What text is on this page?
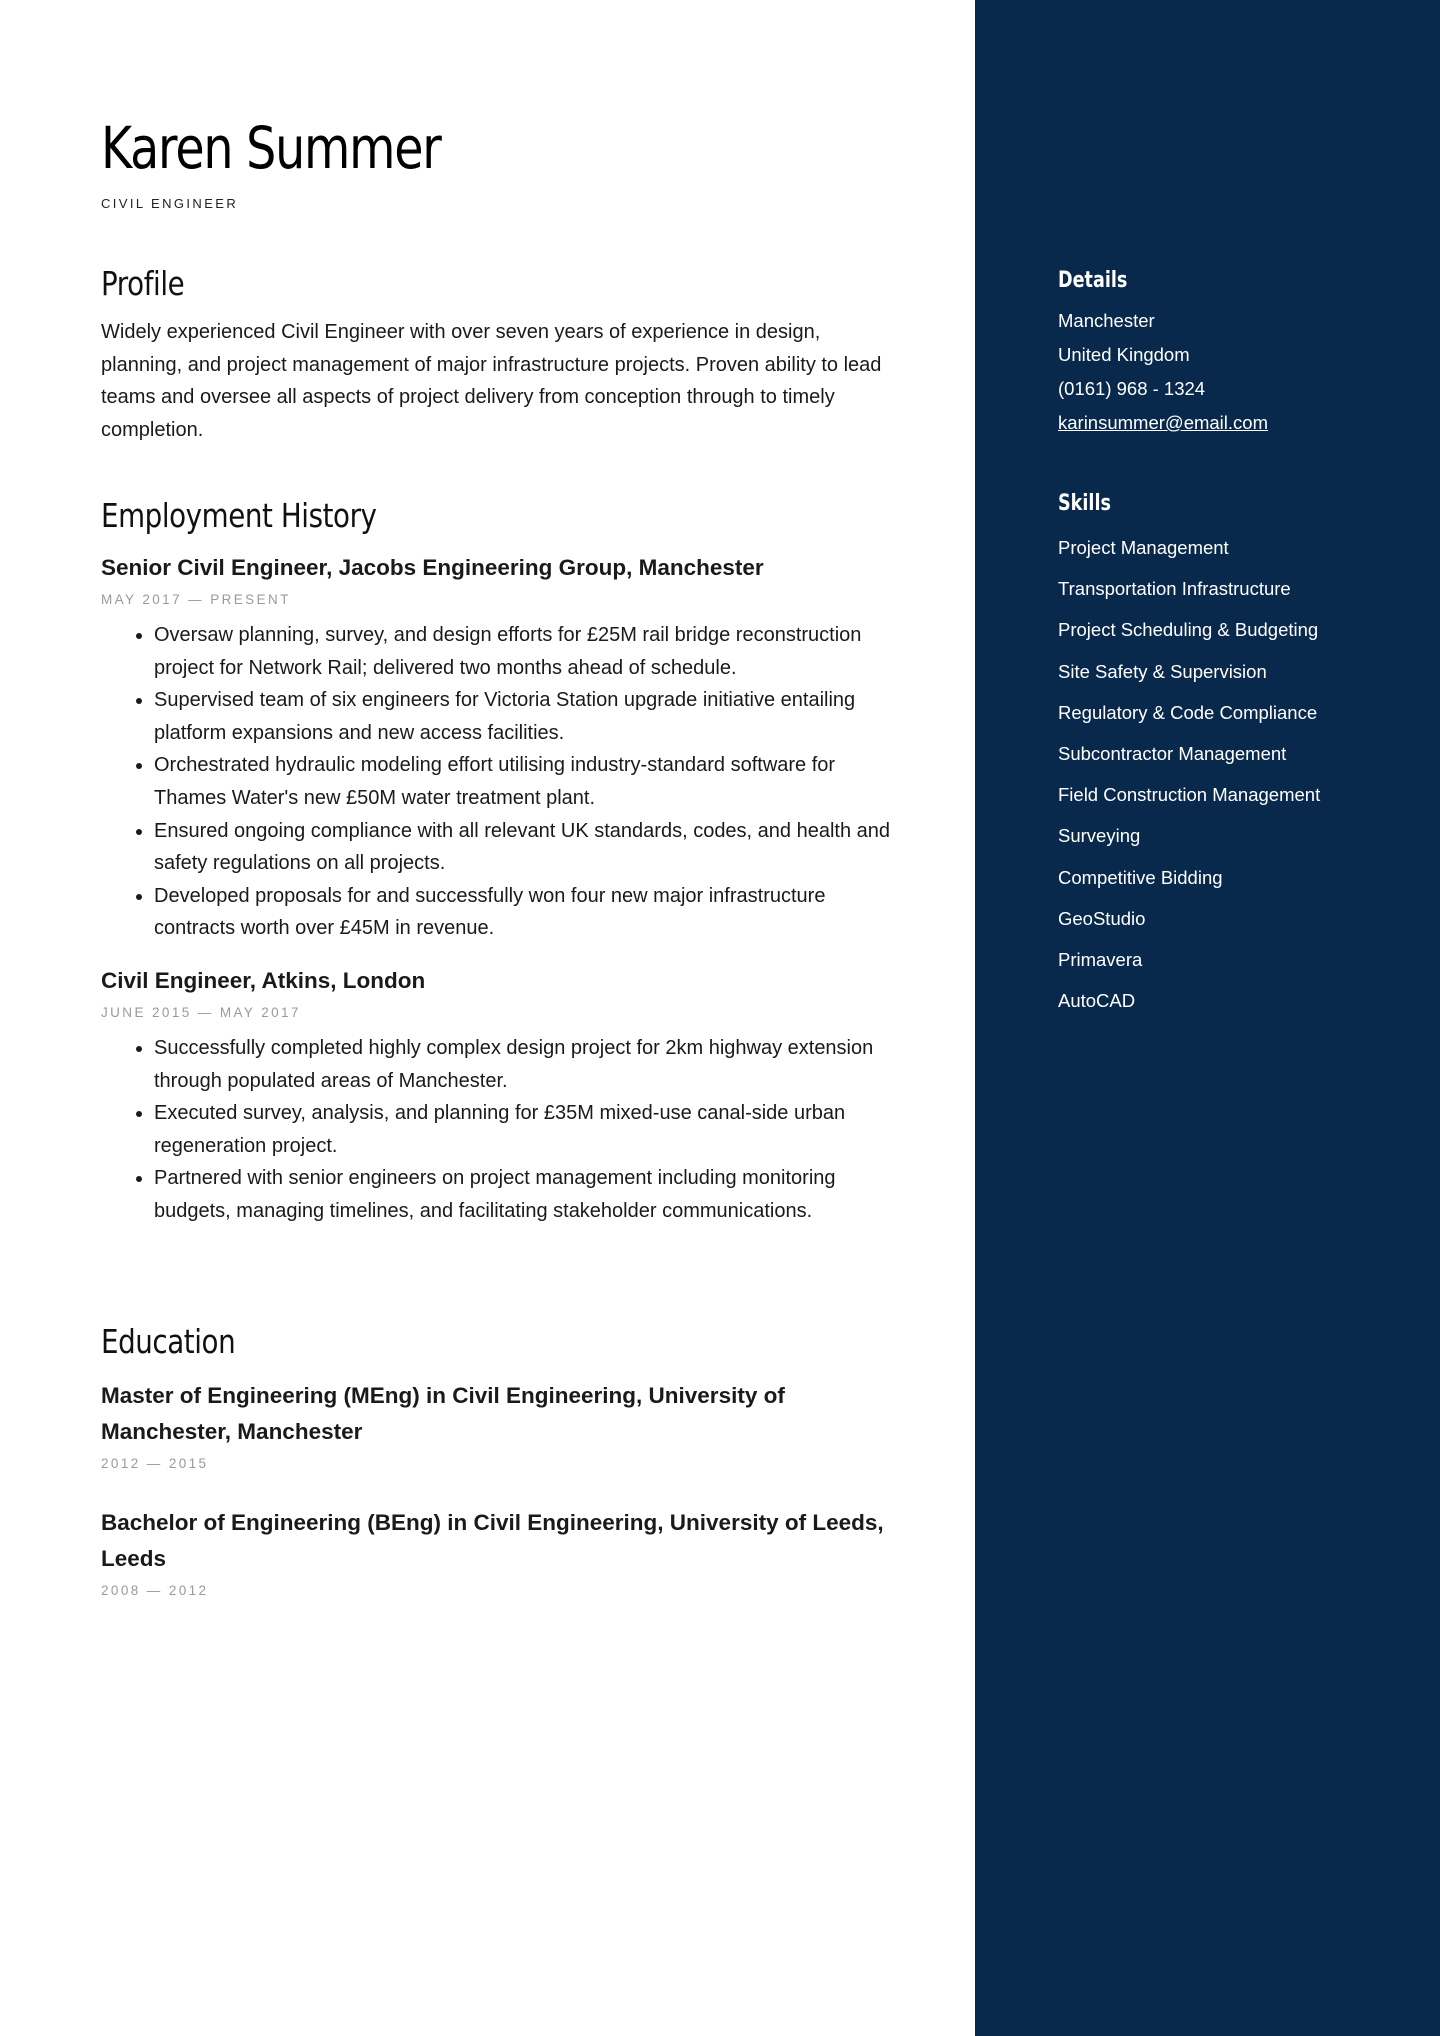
Karen Summer
CIVIL ENGINEER
Profile

Widely experienced Civil Engineer with over seven years of experience in design, planning, and project management of major infrastructure projects. Proven ability to lead teams and oversee all aspects of project delivery from conception through to timely completion.

Employment History
Senior Civil Engineer, Jacobs Engineering Group, Manchester
MAY 2017 — PRESENT
• Oversaw planning, survey, and design efforts for £25M rail bridge reconstruction project for Network Rail; delivered two months ahead of schedule.
• Supervised team of six engineers for Victoria Station upgrade initiative entailing platform expansions and new access facilities.
• Orchestrated hydraulic modeling effort utilising industry-standard software for Thames Water's new £50M water treatment plant.
• Ensured ongoing compliance with all relevant UK standards, codes, and health and safety regulations on all projects.
• Developed proposals for and successfully won four new major infrastructure contracts worth over £45M in revenue.
Civil Engineer, Atkins, London
JUNE 2015 — MAY 2017
• Successfully completed highly complex design project for 2km highway extension through populated areas of Manchester.
• Executed survey, analysis, and planning for £35M mixed-use canal-side urban regeneration project.
• Partnered with senior engineers on project management including monitoring budgets, managing timelines, and facilitating stakeholder communications.
Education
Master of Engineering (MEng) in Civil Engineering, University of Manchester, Manchester
2012 — 2015
Bachelor of Engineering (BEng) in Civil Engineering, University of Leeds, Leeds
2008 — 2012
Details
Manchester
United Kingdom
(0161) 968 - 1324
karinsummer@email.com
Skills
Project Management
Transportation Infrastructure
Project Scheduling & Budgeting
Site Safety & Supervision
Regulatory & Code Compliance
Subcontractor Management
Field Construction Management
Surveying
Competitive Bidding
GeoStudio
Primavera
AutoCAD
